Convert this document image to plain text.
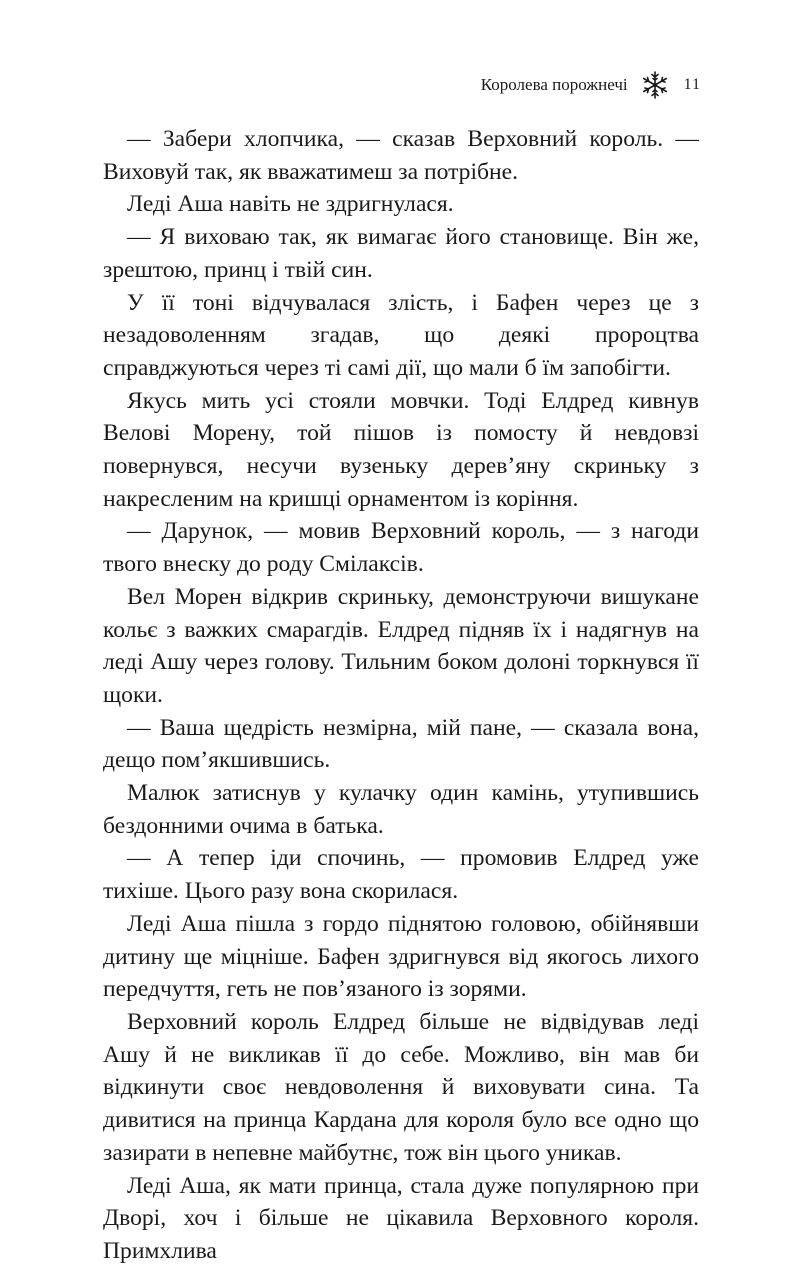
Королева порожнечі	11

— Забери хлопчика, — сказав Верховний король. — Виховуй так, як вважатимеш за потрібне.

Леді Аша навіть не здригнулася.

— Я виховаю так, як вимагає його становище. Він же, зрештою, принц і твій син.

У її тоні відчувалася злість, і Бафен через це з незадоволенням згадав, що деякі пророцтва справджуються через ті самі дії, що мали б їм запобігти.

Якусь мить усі стояли мовчки. Тоді Елдред кивнув Велові Морену, той пішов із помосту й невдовзі повернувся, несучи вузеньку дерев’яну скриньку з накресленим на кришці орнаментом із коріння.

— Дарунок, — мовив Верховний король, — з нагоди твого внеску до роду Смілаксів.

Вел Морен відкрив скриньку, демонструючи вишукане кольє з важких смарагдів. Елдред підняв їх і надягнув на леді Ашу через голову. Тильним боком долоні торкнувся її щоки.

— Ваша щедрість незмірна, мій пане, — сказала вона, дещо пом’якшившись.

Малюк затиснув у кулачку один камінь, утупившись бездонними очима в батька.

— А тепер іди спочинь, — промовив Елдред уже тихіше. Цього разу вона скорилася.

Леді Аша пішла з гордо піднятою головою, обійнявши дитину ще міцніше. Бафен здригнувся від якогось лихого передчуття, геть не пов’язаного із зорями.

Верховний король Елдред більше не відвідував леді Ашу й не викликав її до себе. Можливо, він мав би відкинути своє невдоволення й виховувати сина. Та дивитися на принца Кардана для короля було все одно що зазирати в непевне майбутнє, тож він цього уникав.

Леді Аша, як мати принца, стала дуже популярною при Дворі, хоч і більше не цікавила Верховного короля. Примхлива
